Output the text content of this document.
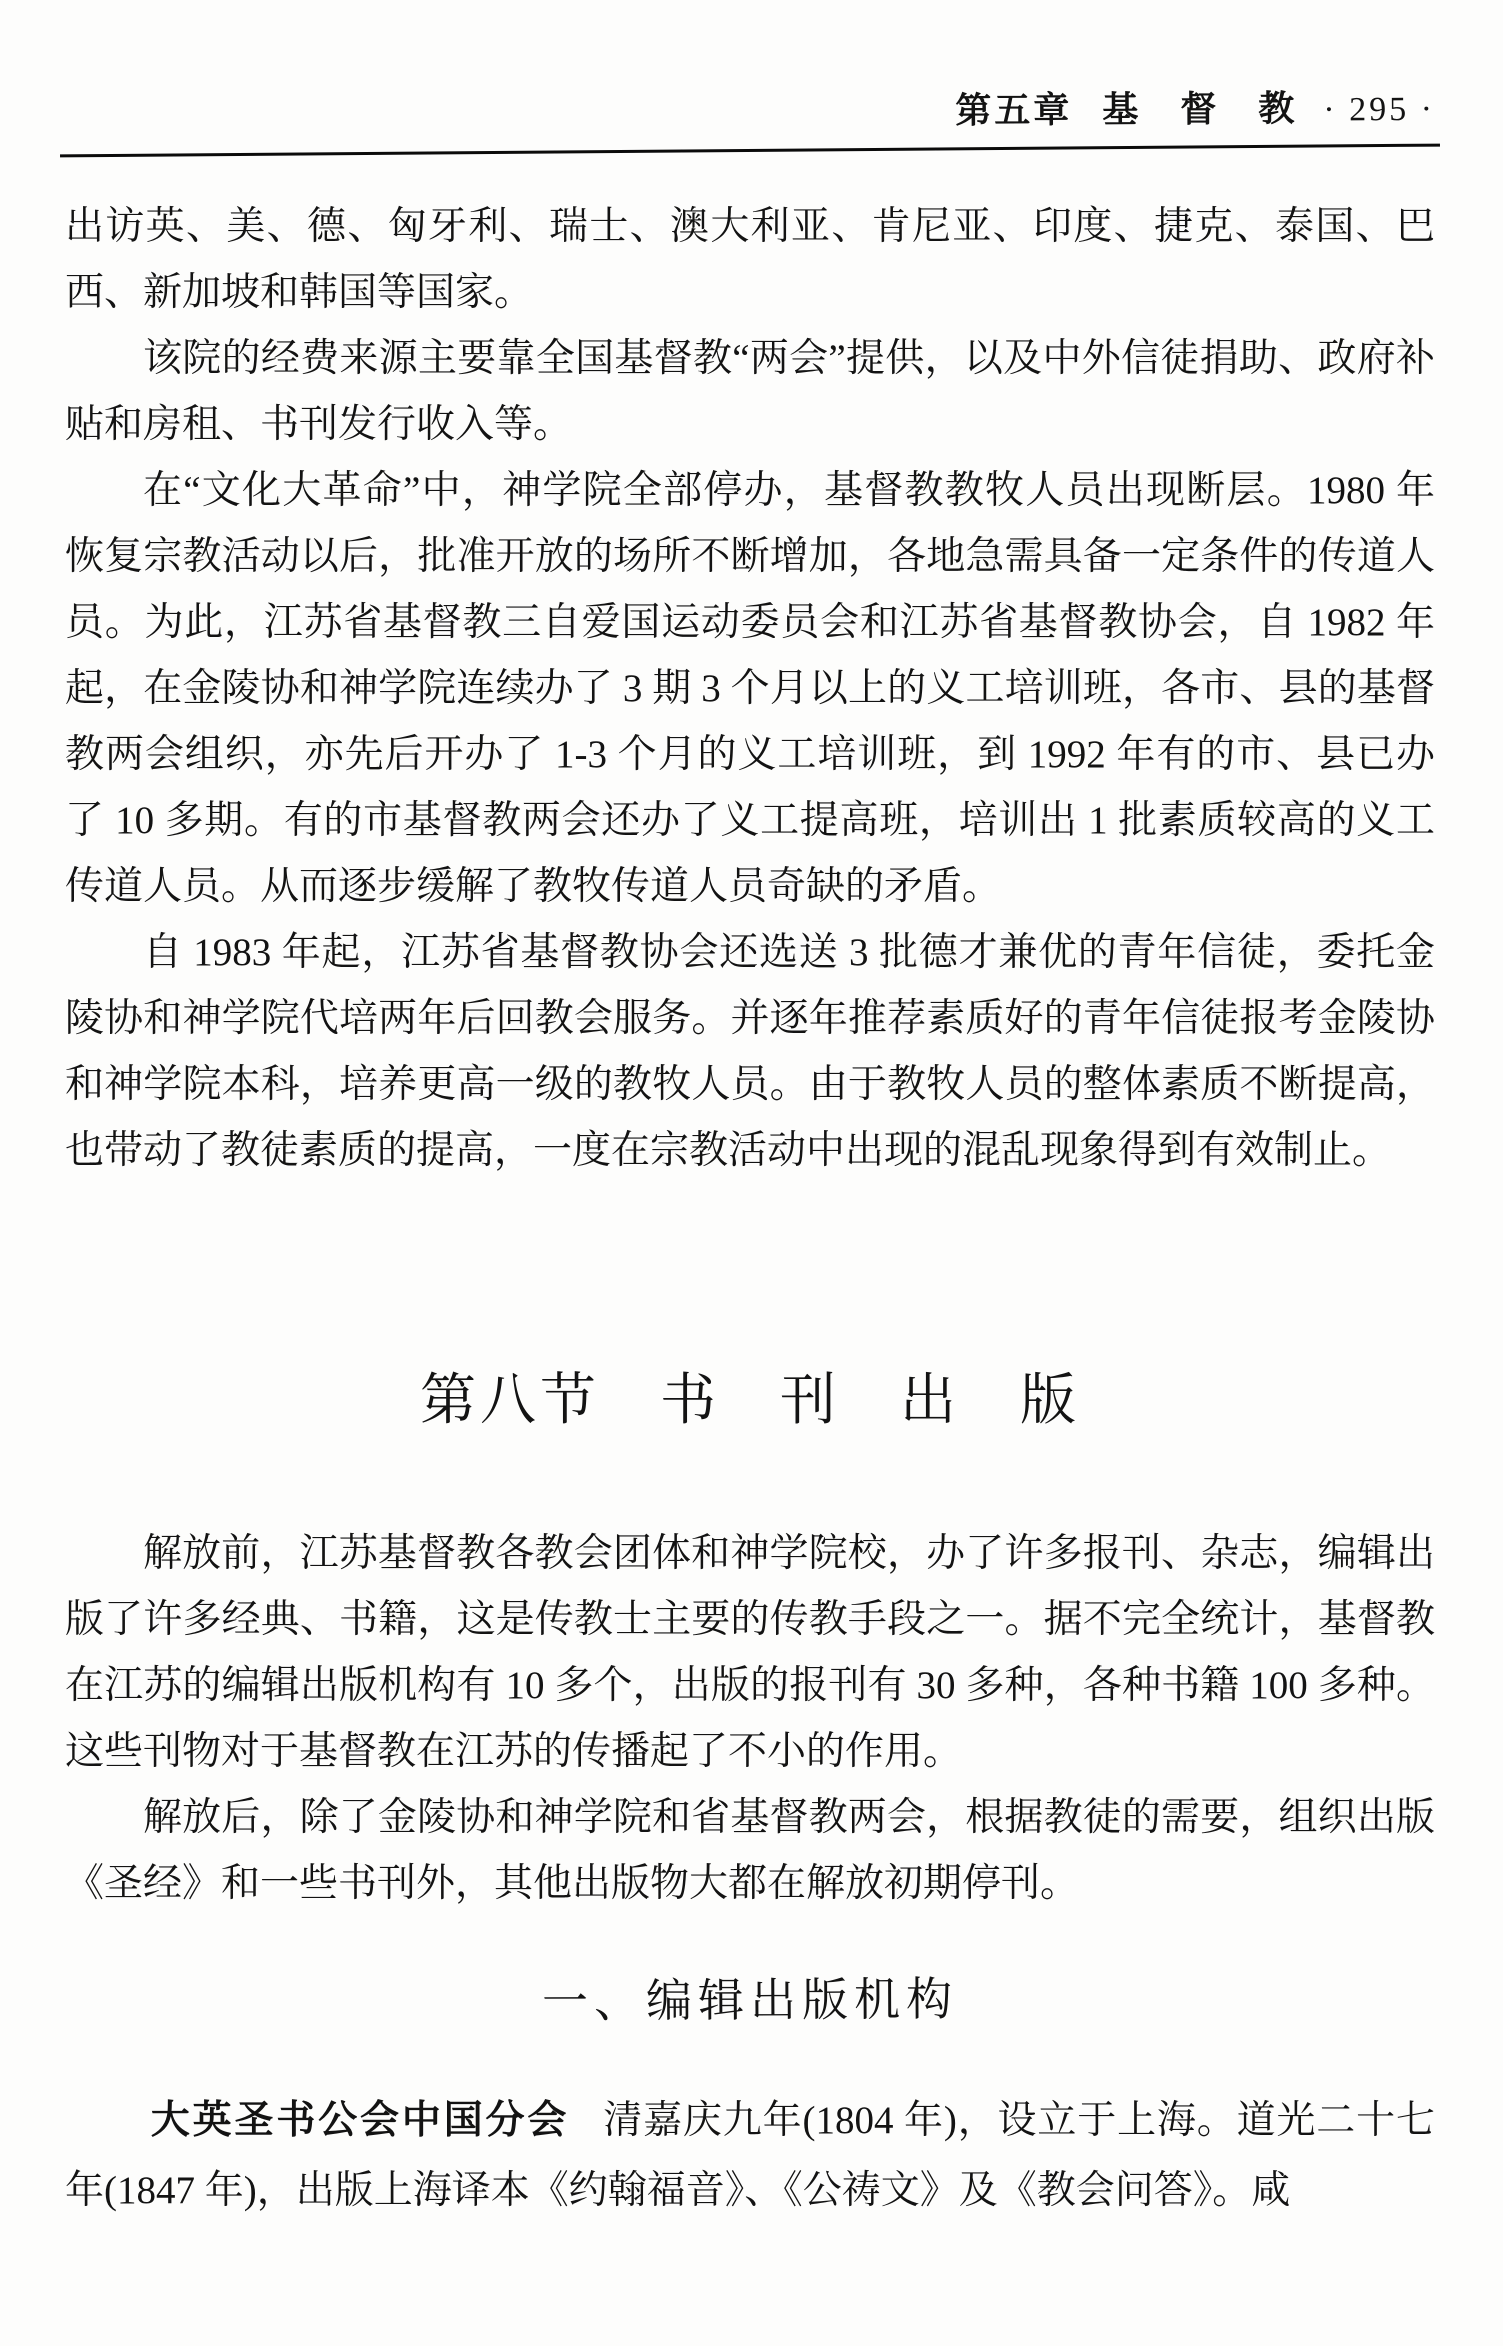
第五章 基　督　教 · 295 ·

出访英、美、德、匈牙利、瑞士、澳大利亚、肯尼亚、印度、捷克、泰国、巴西、新加坡和韩国等国家。

该院的经费来源主要靠全国基督教“两会”提供，以及中外信徒捐助、政府补贴和房租、书刊发行收入等。

在“文化大革命”中，神学院全部停办，基督教教牧人员出现断层。1980 年恢复宗教活动以后，批准开放的场所不断增加，各地急需具备一定条件的传道人员。为此，江苏省基督教三自爱国运动委员会和江苏省基督教协会，自 1982 年起，在金陵协和神学院连续办了 3 期 3 个月以上的义工培训班，各市、县的基督教两会组织，亦先后开办了 1-3 个月的义工培训班，到 1992 年有的市、县已办了 10 多期。有的市基督教两会还办了义工提高班，培训出 1 批素质较高的义工传道人员。从而逐步缓解了教牧传道人员奇缺的矛盾。

自 1983 年起，江苏省基督教协会还选送 3 批德才兼优的青年信徒，委托金陵协和神学院代培两年后回教会服务。并逐年推荐素质好的青年信徒报考金陵协和神学院本科，培养更高一级的教牧人员。由于教牧人员的整体素质不断提高，也带动了教徒素质的提高，一度在宗教活动中出现的混乱现象得到有效制止。

第八节　书　刊　出　版

解放前，江苏基督教各教会团体和神学院校，办了许多报刊、杂志，编辑出版了许多经典、书籍，这是传教士主要的传教手段之一。据不完全统计，基督教在江苏的编辑出版机构有 10 多个，出版的报刊有 30 多种，各种书籍 100 多种。这些刊物对于基督教在江苏的传播起了不小的作用。

解放后，除了金陵协和神学院和省基督教两会，根据教徒的需要，组织出版《圣经》和一些书刊外，其他出版物大都在解放初期停刊。

一、编辑出版机构

大英圣书公会中国分会 清嘉庆九年(1804 年)，设立于上海。道光二十七年(1847 年)，出版上海译本《约翰福音》、《公祷文》及《教会问答》。咸
